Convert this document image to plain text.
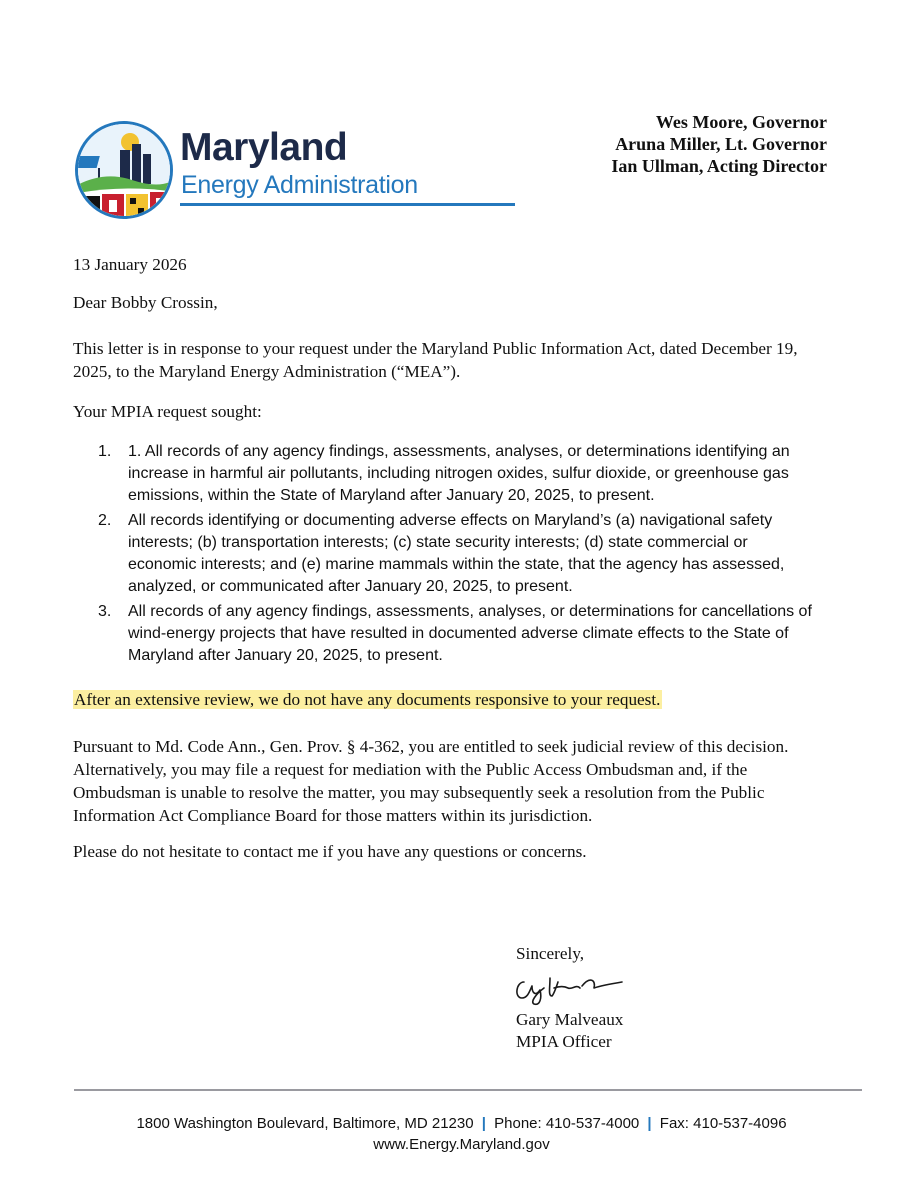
Maryland
Energy Administration
Wes Moore, Governor
Aruna Miller, Lt. Governor
Ian Ullman, Acting Director
13 January 2026
Dear Bobby Crossin,
This letter is in response to your request under the Maryland Public Information Act, dated December 19,
2025, to the Maryland Energy Administration (“MEA”).
Your MPIA request sought:
1. 1. All records of any agency findings, assessments, analyses, or determinations identifying an
increase in harmful air pollutants, including nitrogen oxides, sulfur dioxide, or greenhouse gas
emissions, within the State of Maryland after January 20, 2025, to present.
2. All records identifying or documenting adverse effects on Maryland’s (a) navigational safety
interests; (b) transportation interests; (c) state security interests; (d) state commercial or
economic interests; and (e) marine mammals within the state, that the agency has assessed,
analyzed, or communicated after January 20, 2025, to present.
3. All records of any agency findings, assessments, analyses, or determinations for cancellations of
wind-energy projects that have resulted in documented adverse climate effects to the State of
Maryland after January 20, 2025, to present.
After an extensive review, we do not have any documents responsive to your request.
Pursuant to Md. Code Ann., Gen. Prov. § 4-362, you are entitled to seek judicial review of this decision.
Alternatively, you may file a request for mediation with the Public Access Ombudsman and, if the
Ombudsman is unable to resolve the matter, you may subsequently seek a resolution from the Public
Information Act Compliance Board for those matters within its jurisdiction.
Please do not hesitate to contact me if you have any questions or concerns.
Sincerely,
Gary Malveaux
MPIA Officer
1800 Washington Boulevard, Baltimore, MD 21230 | Phone: 410-537-4000 | Fax: 410-537-4096
www.Energy.Maryland.gov
